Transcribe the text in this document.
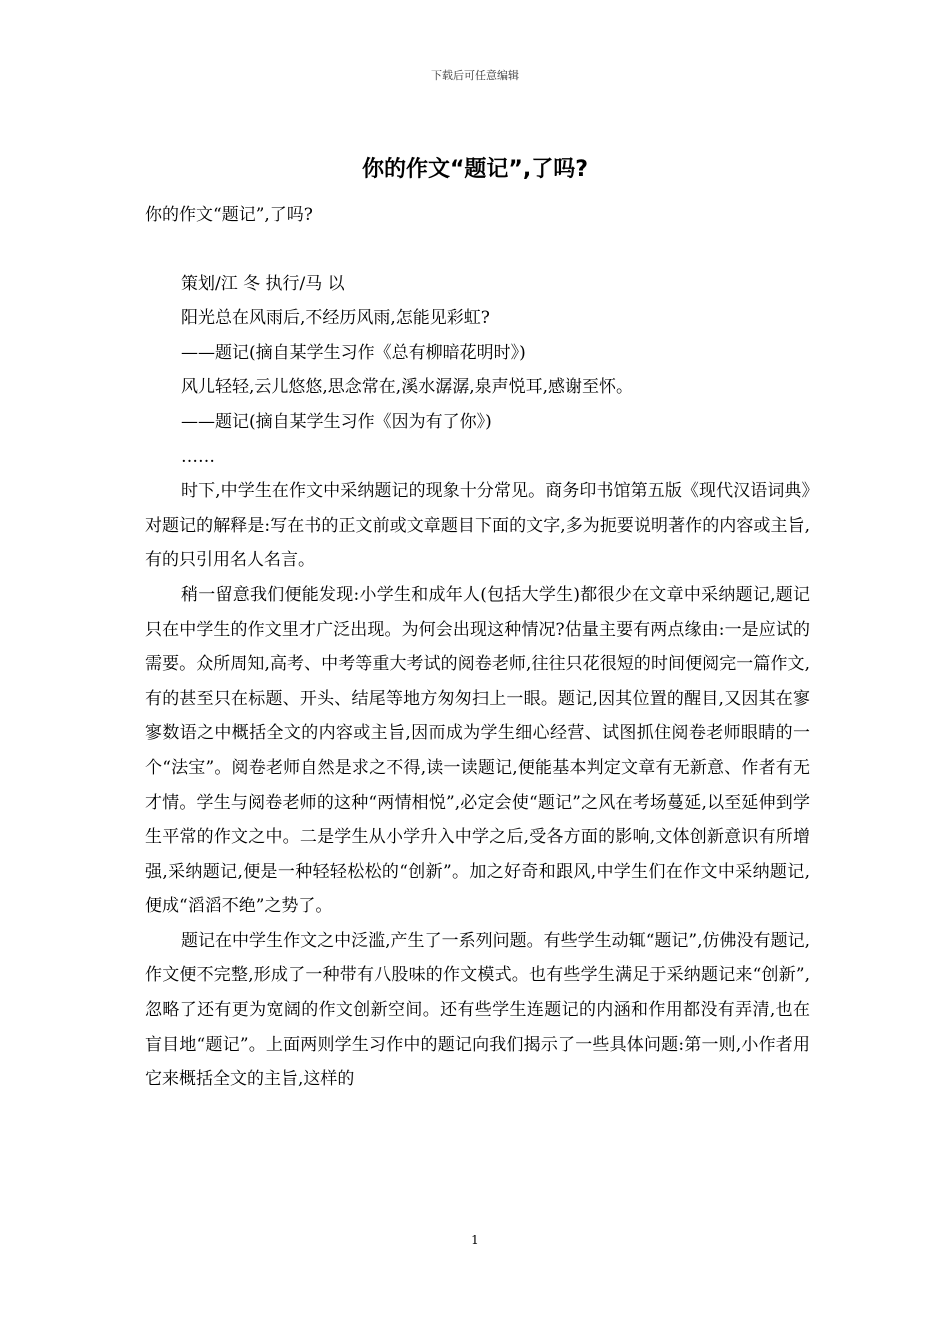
下载后可任意编辑
你的作文“题记”,了吗?

你的作文“题记”,了吗?

策划/江 冬 执行/马 以

阳光总在风雨后,不经历风雨,怎能见彩虹?

——题记(摘自某学生习作《总有柳暗花明时》)

风儿轻轻,云儿悠悠,思念常在,溪水潺潺,泉声悦耳,感谢至怀。

——题记(摘自某学生习作《因为有了你》)

……

时下,中学生在作文中采纳题记的现象十分常见。商务印书馆第五版《现代汉语词典》对题记的解释是:写在书的正文前或文章题目下面的文字,多为扼要说明著作的内容或主旨,有的只引用名人名言。

稍一留意我们便能发现:小学生和成年人(包括大学生)都很少在文章中采纳题记,题记只在中学生的作文里才广泛出现。为何会出现这种情况?估量主要有两点缘由:一是应试的需要。众所周知,高考、中考等重大考试的阅卷老师,往往只花很短的时间便阅完一篇作文,有的甚至只在标题、开头、结尾等地方匆匆扫上一眼。题记,因其位置的醒目,又因其在寥寥数语之中概括全文的内容或主旨,因而成为学生细心经营、试图抓住阅卷老师眼睛的一个“法宝”。阅卷老师自然是求之不得,读一读题记,便能基本判定文章有无新意、作者有无才情。学生与阅卷老师的这种“两情相悦”,必定会使“题记”之风在考场蔓延,以至延伸到学生平常的作文之中。二是学生从小学升入中学之后,受各方面的影响,文体创新意识有所增强,采纳题记,便是一种轻轻松松的“创新”。加之好奇和跟风,中学生们在作文中采纳题记,便成“滔滔不绝”之势了。

题记在中学生作文之中泛滥,产生了一系列问题。有些学生动辄“题记”,仿佛没有题记,作文便不完整,形成了一种带有八股味的作文模式。也有些学生满足于采纳题记来“创新”,忽略了还有更为宽阔的作文创新空间。还有些学生连题记的内涵和作用都没有弄清,也在盲目地“题记”。上面两则学生习作中的题记向我们揭示了一些具体问题:第一则,小作者用它来概括全文的主旨,这样的

1
